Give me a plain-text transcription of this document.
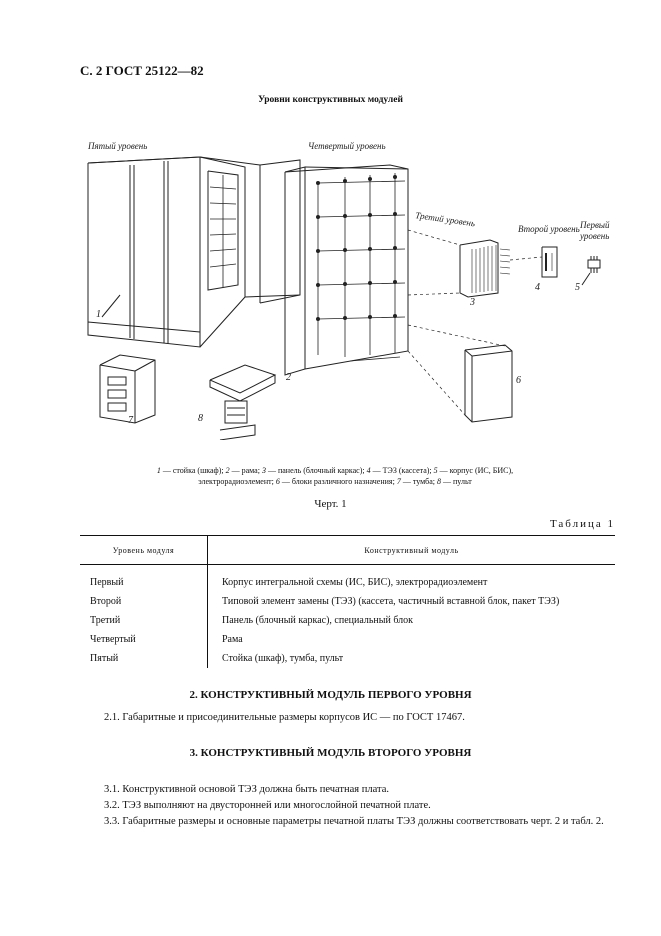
С. 2 ГОСТ 25122—82
Уровни конструктивных модулей
Пятый уровень	Четвертый уровень
Третий уровень
Второй уровень Первый
уровень
1
2
3
4	5
6
7	8
1 — стойка (шкаф); 2 — рама; 3 — панель (блочный каркас); 4 — ТЭЗ (кассета); 5 — корпус (ИС, БИС),
электрорадиоэлемент; 6 — блоки различного назначения; 7 — тумба; 8 — пульт
Черт. 1
Таблица 1
Уровень модуля	Конструктивный модуль
Первый	Корпус интегральной схемы (ИС, БИС), электрорадиоэлемент
Второй	Типовой элемент замены (ТЭЗ) (кассета, частичный вставной блок, пакет ТЭЗ)
Третий	Панель (блочный каркас), специальный блок
Четвертый	Рама
Пятый	Стойка (шкаф), тумба, пульт
2. КОНСТРУКТИВНЫЙ МОДУЛЬ ПЕРВОГО УРОВНЯ
2.1. Габаритные и присоединительные размеры корпусов ИС — по ГОСТ 17467.
3. КОНСТРУКТИВНЫЙ МОДУЛЬ ВТОРОГО УРОВНЯ
3.1. Конструктивной основой ТЭЗ должна быть печатная плата.
3.2. ТЭЗ выполняют на двусторонней или многослойной печатной плате.
3.3. Габаритные размеры и основные параметры печатной платы ТЭЗ должны соответствовать черт. 2 и табл. 2.
